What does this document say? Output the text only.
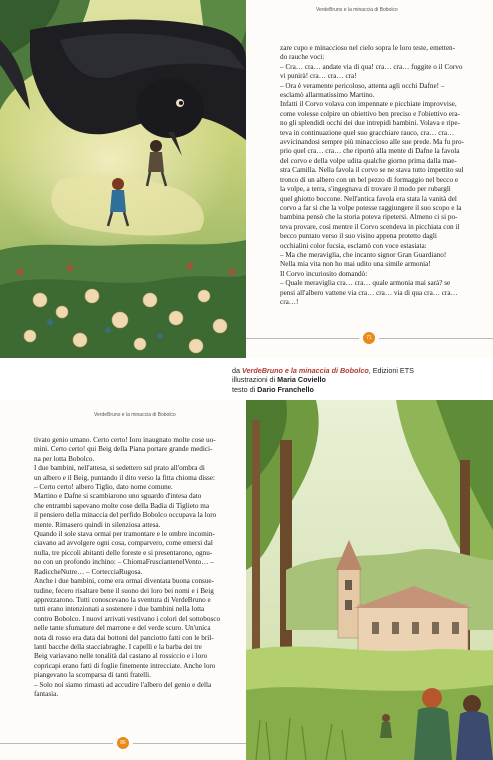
VerdeBruno e la minaccia di Bobolco
zare cupo e minaccioso nel cielo sopra le loro teste, emetten-
do rauche voci:
– Cra… cra… andate via di qua! cra… cra… fuggite o il Corvo
vi punirà! cra… cra… cra!
– Ora è veramente pericoloso, attenta agli occhi Dafne! –
esclamò allarmatissimo Martino.
Infatti il Corvo volava con impennate e picchiate improvvise,
come volesse colpire un obiettivo ben preciso e l'obiettivo era-
no gli splendidi occhi dei due intrepidi bambini. Volava e ripe-
teva in continuazione quel suo gracchiare rauco, cra… cra…
avvicinandosi sempre più minaccioso alle sue prede. Ma fu pro-
prio quel cra… cra… che riportò alla mente di Dafne la favola
del corvo e della volpe udita qualche giorno prima dalla mae-
stra Camilla. Nella favola il corvo se ne stava tutto impettito sul
tronco di un albero con un bel pezzo di formaggio nel becco e
la volpe, a terra, s'ingegnava di trovare il modo per rubargli
quel ghiotto boccone. Nell'antica favola era stata la vanità del
corvo a far sì che la volpe potesse raggiungere il suo scopo e la
bambina pensò che la storia poteva ripetersi. Almeno ci si po-
teva provare, così mentre il Corvo scendeva in picchiata con il
becco puntato verso il suo visino appena protetto dagli
occhialini color fucsia, esclamò con voce estasiata:
– Ma che meraviglia, che incanto signor Gran Guardiano!
Nella mia vita non ho mai udito una simile armonia!
Il Corvo incuriosito domandò:
– Quale meraviglia cra… cra… quale armonia mai sarà? se
pensi all'albero vattene via cra… cra… via di qua cra… cra…
cra…!
71
da VerdeBruno e la minaccia di Bobolco, Edizioni ETS
illustrazioni di Maria Coviello
testo di Dario Franchello
VerdeBruno e la minaccia di Bobolco
tivato genio umano. Certo certo! Ioro inaugnato molte cose uo-
mini. Certo certo! qui Beig della Piana portare grande medici-
na per lotta Bobolco.
I due bambini, nell'attesa, si sedettero sul prato all'ombra di
un albero e il Beig, puntando il dito verso la fitta chioma disse:
– Certo certo! albero Tiglio, dato nome comune.
Martino e Dafne si scambiarono uno sguardo d'intesa dato
che entrambi sapevano molte cose della Badia di Tiglieto ma
il pensiero della minaccia del perfido Bobolco occupava la loro
mente. Rimasero quindi in silenziosa attesa.
Quando il sole stava ormai per tramontare e le ombre incomin-
ciavano ad avvolgere ogni cosa, comparvero, come emersi dal
nulla, tre piccoli abitanti delle foreste e si presentarono, ognu-
no con un profondo inchino: – ChiomaFrusciantenelVento… –
RadiccheNutre… – CortecciaRugosa.
Anche i due bambini, come era ormai diventata buona consue-
tudine, fecero risaltare bene il suono dei loro bei nomi e i Beig
apprezzarono. Tutti conoscevano la sventura di VerdeBruno e
tutti erano intenzionati a sostenere i due bambini nella lotta
contro Bobolco. I nuovi arrivati vestivano i colori del sottobosco
nelle tante sfumature del marrone e del verde scuro. Un'unica
nota di rosso era data dai bottoni del panciotto fatti con le bril-
lanti bacche della stacciabraghe. I capelli e la barba dei tre
Beig variavano nelle tonalità dal castano al rossiccio e i loro
copricapi erano fatti di foglie finemente intrecciate. Anche loro
piangevano la scomparsa di tanti fratelli.
– Solo noi siamo rimasti ad accudire l'albero del genio e della
fantasia.
86
